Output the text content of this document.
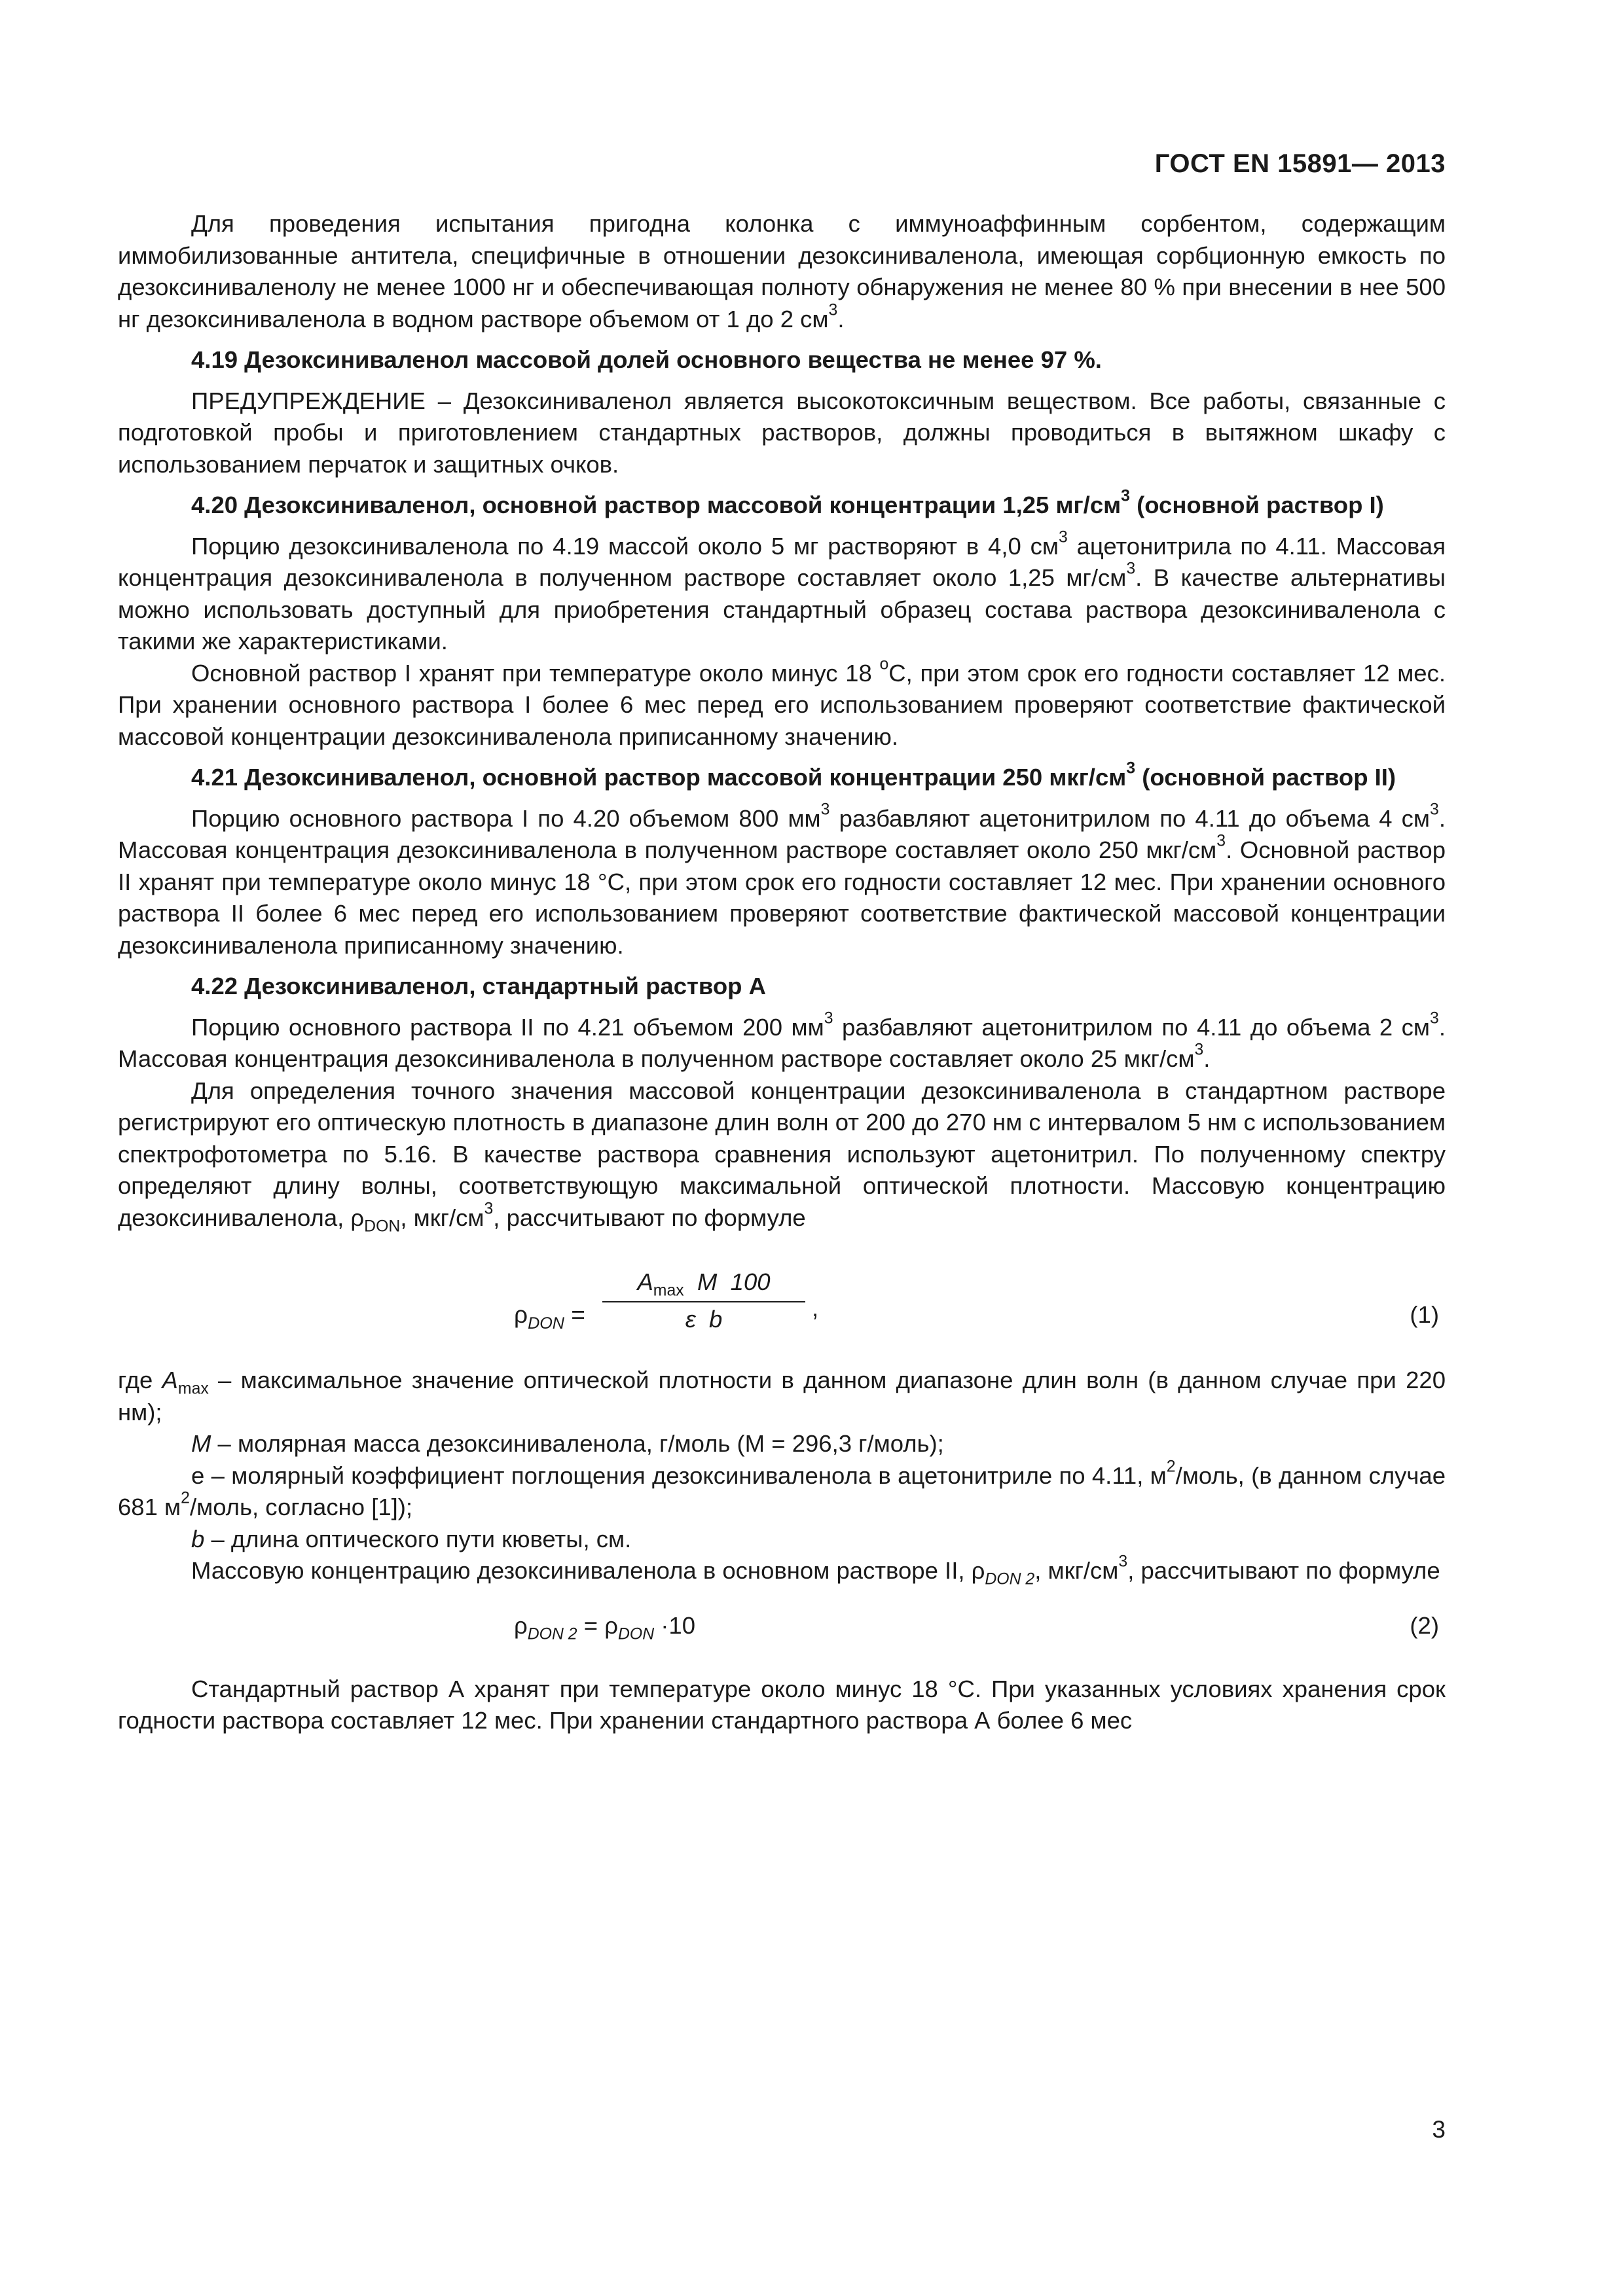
ГОСТ EN 15891— 2013

Для проведения испытания пригодна колонка с иммуноаффинным сорбентом, содержащим иммобилизованные антитела, специфичные в отношении дезоксиниваленола, имеющая сорбционную емкость по дезоксиниваленолу не менее 1000 нг и обеспечивающая полноту обнаружения не менее 80 % при внесении в нее 500 нг дезоксиниваленола в водном растворе объемом от 1 до 2 $см^3$.

4.19 Дезоксиниваленол массовой долей основного вещества не менее 97 %.

ПРЕДУПРЕЖДЕНИЕ – Дезоксиниваленол является высокотоксичным веществом. Все работы, связанные с подготовкой пробы и приготовлением стандартных растворов, должны проводиться в вытяжном шкафу с использованием перчаток и защитных очков.

4.20 Дезоксиниваленол, основной раствор массовой концентрации 1,25 $мг/см^3$ (основной раствор I)

Порцию дезоксиниваленола по 4.19 массой около 5 мг растворяют в 4,0 $см^3$ ацетонитрила по 4.11. Массовая концентрация дезоксиниваленола в полученном растворе составляет около 1,25 $мг/см^3$. В качестве альтернативы можно использовать доступный для приобретения стандартный образец состава раствора дезоксиниваленола с такими же характеристиками.

Основной раствор I хранят при температуре около минус 18 $^о$С, при этом срок его годности составляет 12 мес. При хранении основного раствора I более 6 мес перед его использованием проверяют соответствие фактической массовой концентрации дезоксиниваленола приписанному значению.

4.21 Дезоксиниваленол, основной раствор массовой концентрации 250 мкг/$см^3$ (основной раствор II)

Порцию основного раствора I по 4.20 объемом 800 $мм^3$ разбавляют ацетонитрилом по 4.11 до объема 4 $см^3$. Массовая концентрация дезоксиниваленола в полученном растворе составляет около 250 мкг/$см^3$. Основной раствор II хранят при температуре около минус 18 °С, при этом срок его годности составляет 12 мес. При хранении основного раствора II более 6 мес перед его использованием проверяют соответствие фактической массовой концентрации дезоксиниваленола приписанному значению.

4.22 Дезоксиниваленол, стандартный раствор А

Порцию основного раствора II по 4.21 объемом 200 $мм^3$ разбавляют ацетонитрилом по 4.11 до объема 2 $см^3$. Массовая концентрация дезоксиниваленола в полученном растворе составляет около 25 мкг/$см^3$.

Для определения точного значения массовой концентрации дезоксиниваленола в стандартном растворе регистрируют его оптическую плотность в диапазоне длин волн от 200 до 270 нм с интервалом 5 нм с использованием спектрофотометра по 5.16. В качестве раствора сравнения используют ацетонитрил. По полученному спектру определяют длину волны, соответствующую максимальной оптической плотности. Массовую концентрацию дезоксиниваленола, $\rho_{DON}$, мкг/$см^3$, рассчитывают по формуле

$\rho_{DON}$ =
$A_{max}$  M  100
ε  b	,	(1)

где $A_{max}$ – максимальное значение оптической плотности в данном диапазоне длин волн (в данном случае при 220 нм);

М – молярная масса дезоксиниваленола, г/моль (М = 296,3 г/моль);

е – молярный коэффициент поглощения дезоксиниваленола в ацетонитриле по 4.11, $м^2$/моль, (в данном случае 681 $м^2$/моль, согласно [1]);

b – длина оптического пути кюветы, см.

Массовую концентрацию дезоксиниваленола в основном растворе II, $\rho_{DON 2}$, мкг/$см^3$, рассчитывают по формуле

$\rho_{DON 2} = \rho_{DON} \cdot 10$	(2)

Стандартный раствор А хранят при температуре около минус 18 °С. При указанных условиях хранения срок годности раствора составляет 12 мес. При хранении стандартного раствора А более 6 мес

3
